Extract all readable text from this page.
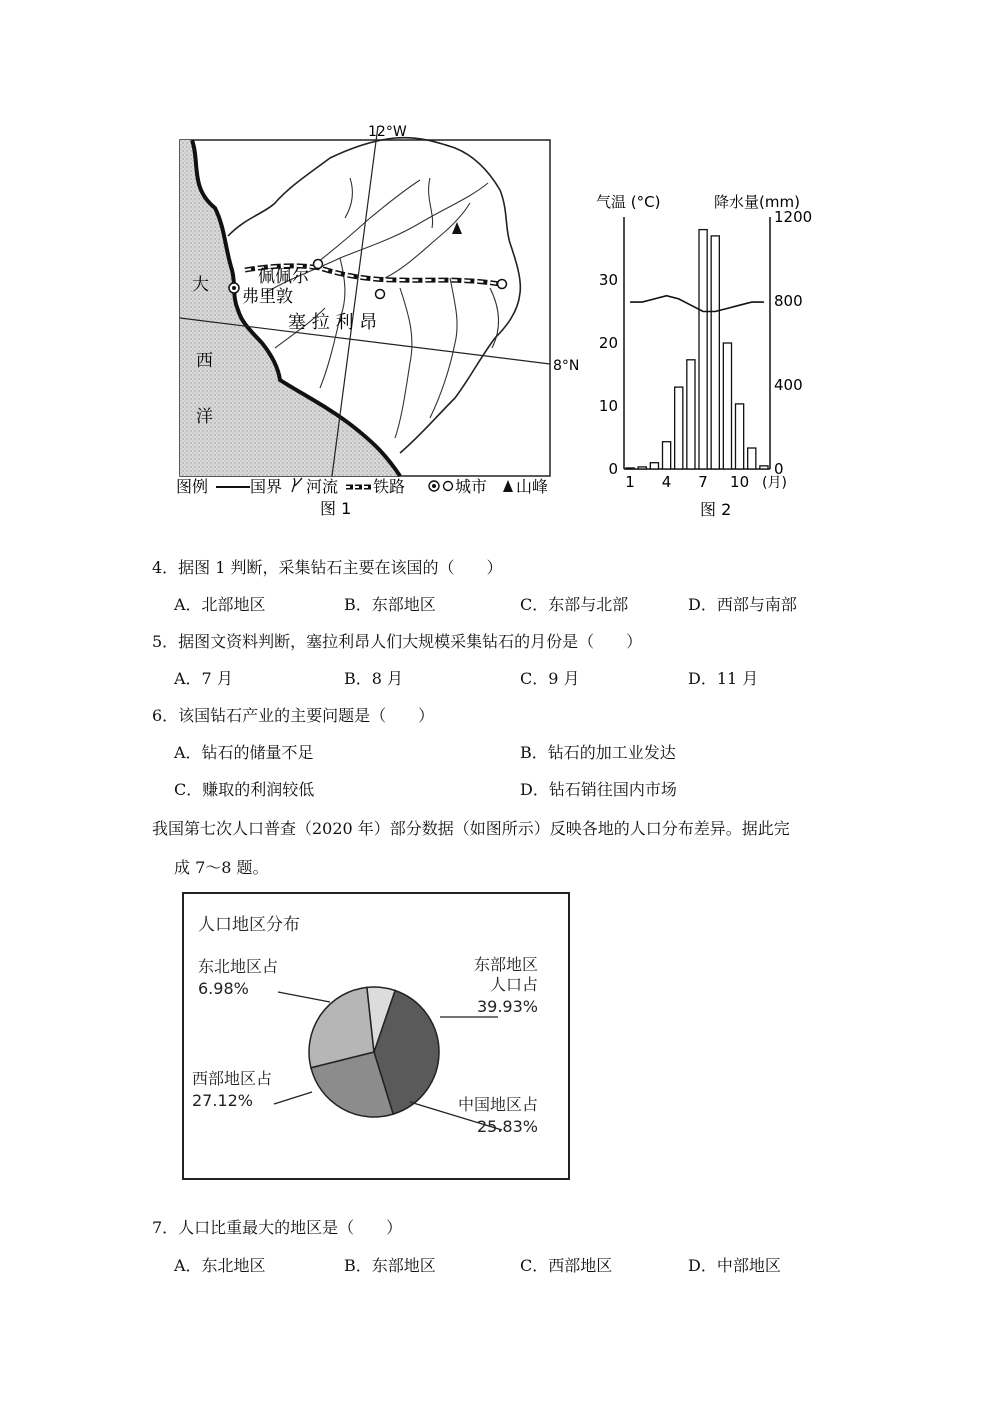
12°W
8°N
佩佩尔
弗里敦
塞 拉 利 昂
大
西
洋
图例	国界 河流 铁路	城市 山峰
图 1
气温 (°C)	降水量(mm)
0
10
20
30
0
400
800
1200
1 4 7 10 (月)
图 2
4．据图 1 判断，采集钻石主要在该国的（　　）
A．北部地区	B．东部地区	C．东部与北部	D．西部与南部
5．据图文资料判断，塞拉利昂人们大规模采集钻石的月份是（　　）
A．7 月	B．8 月	C．9 月	D．11 月
6．该国钻石产业的主要问题是（　　）
A．钻石的储量不足	B．钻石的加工业发达
C．赚取的利润较低	D．钻石销往国内市场
我国第七次人口普查（2020 年）部分数据（如图所示）反映各地的人口分布差异。据此完
成 7～8 题。
人口地区分布
东部地区
人口占
39.93%
中国地区占
25.83%
西部地区占
27.12%
东北地区占
6.98%
7．人口比重最大的地区是（　　）
A．东北地区	B．东部地区	C．西部地区	D．中部地区
